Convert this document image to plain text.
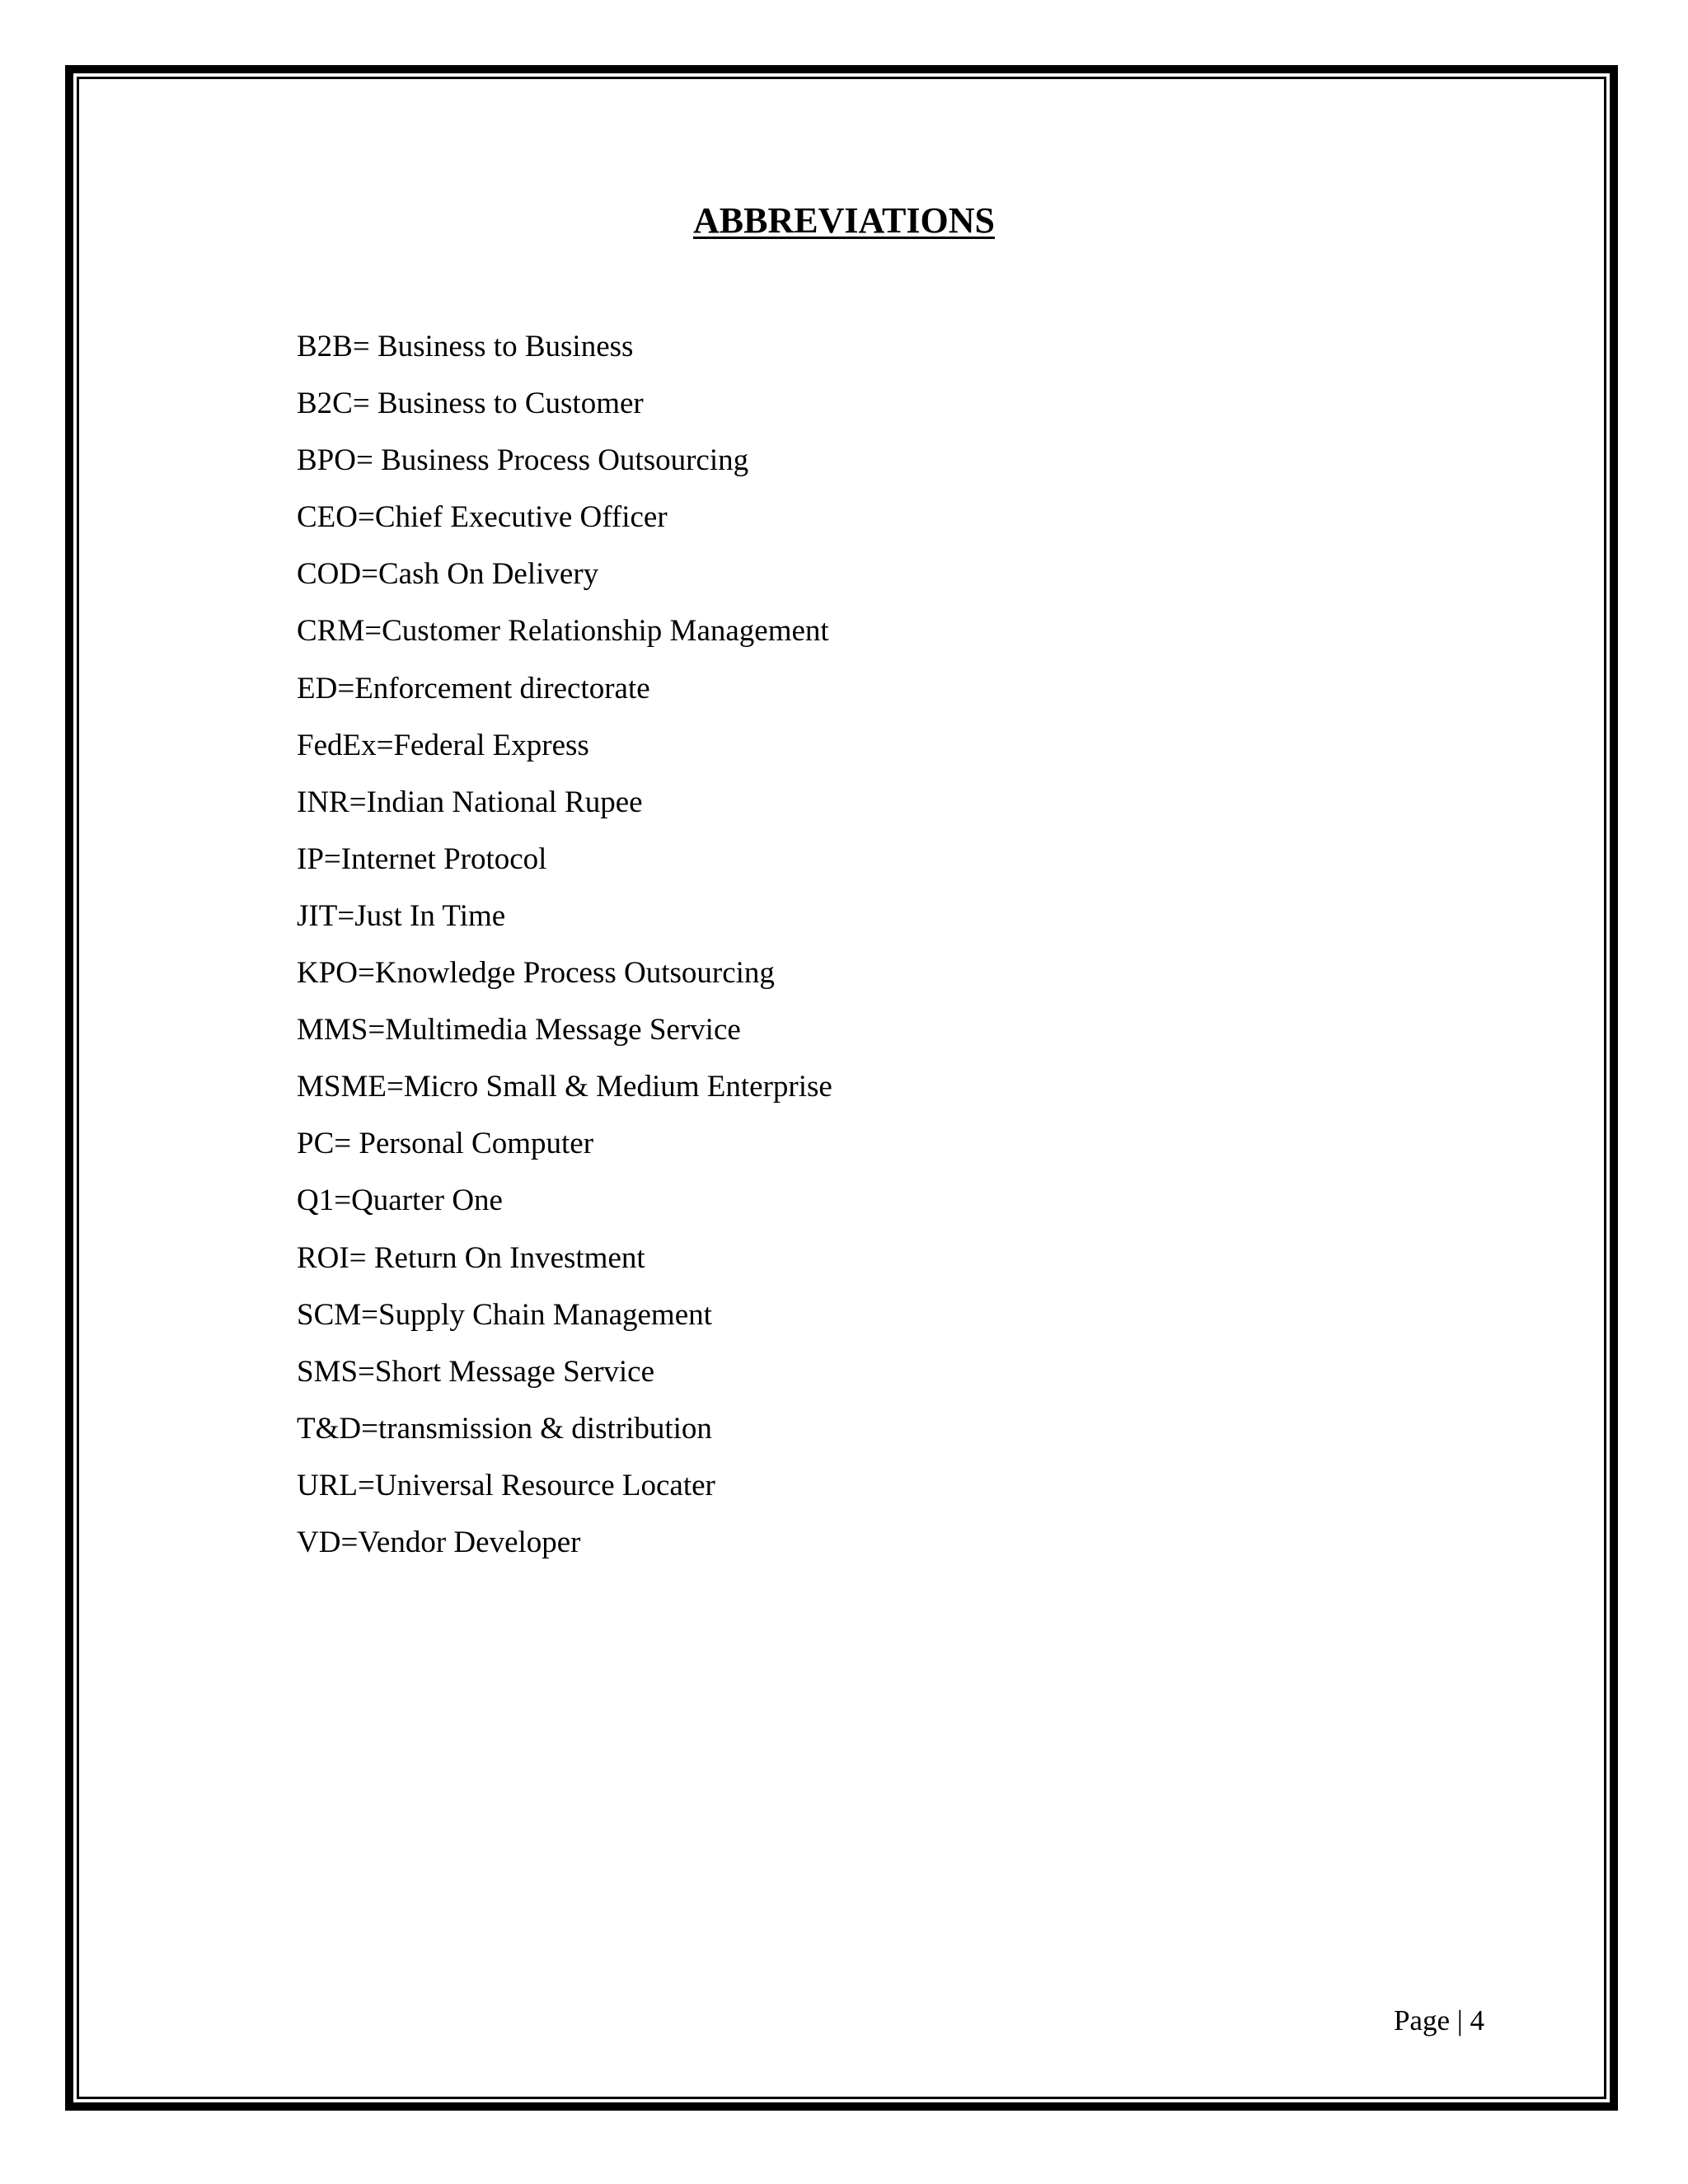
ABBREVIATIONS
B2B= Business to Business
B2C= Business to Customer
BPO= Business Process Outsourcing
CEO=Chief Executive Officer
COD=Cash On Delivery
CRM=Customer Relationship Management
ED=Enforcement directorate
FedEx=Federal Express
INR=Indian National Rupee
IP=Internet Protocol
JIT=Just In Time
KPO=Knowledge Process Outsourcing
MMS=Multimedia Message Service
MSME=Micro Small & Medium Enterprise
PC= Personal Computer
Q1=Quarter One
ROI= Return On Investment
SCM=Supply Chain Management
SMS=Short Message Service
T&D=transmission & distribution
URL=Universal Resource Locater
VD=Vendor Developer
Page | 4
